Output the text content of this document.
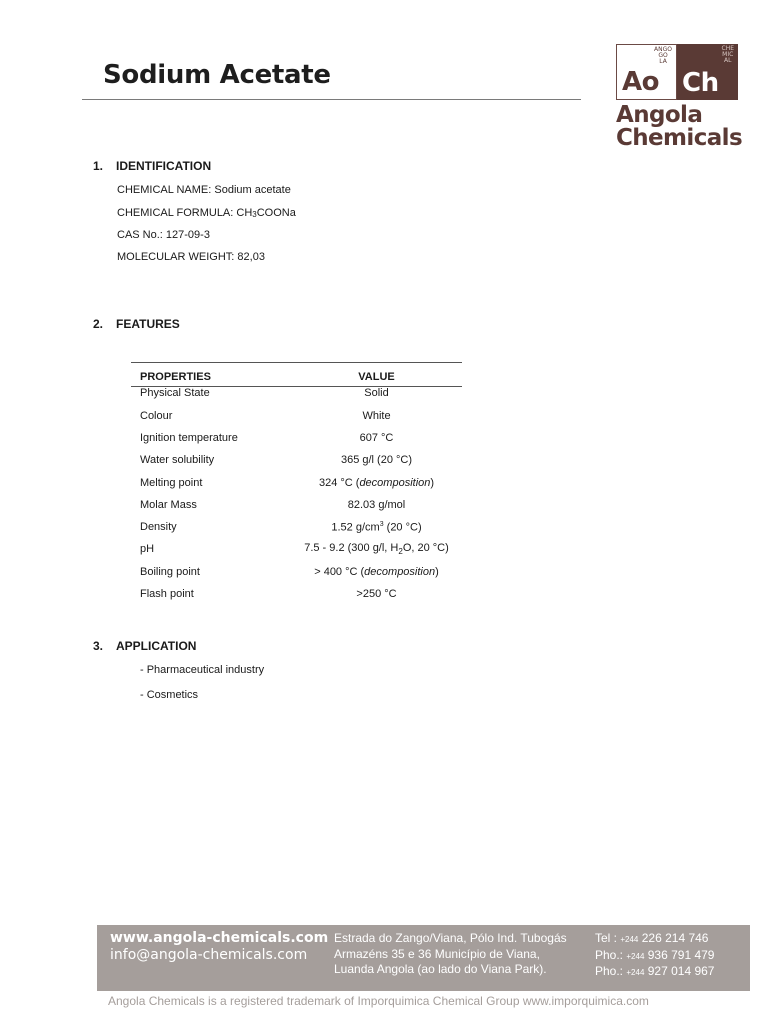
Sodium Acetate
ANGO
GO
LA
Ao
CHE
MIC
AL
Ch
Angola
Chemicals
1. IDENTIFICATION
CHEMICAL NAME: Sodium acetate
CHEMICAL FORMULA: $CH_3COONa$
CAS No.: 127-09-3
MOLECULAR WEIGHT: 82,03
2. FEATURES
PROPERTIES	VALUE
Physical State	Solid
Colour	White
Ignition temperature	607 °C
Water solubility	365 g/l (20 °C)
Melting point	324 °C (decomposition)
Molar Mass	82.03 g/mol
Density	1.52 $g/cm^3$ (20 °C)
pH	7.5 - 9.2 (300 g/l, $H_2O$, 20 °C)
Boiling point	> 400 °C (decomposition)
Flash point	>250 °C
3. APPLICATION
- Pharmaceutical industry
- Cosmetics
www.angola-chemicals.com
info@angola-chemicals.com
Estrada do Zango/Viana, Pólo Ind. Tubogás
Armazéns 35 e 36 Município de Viana,
Luanda Angola (ao lado do Viana Park).
Tel : +244 226 214 746
Pho.: +244 936 791 479
Pho.: +244 927 014 967
Angola Chemicals is a registered trademark of Imporquimica Chemical Group www.imporquimica.com
